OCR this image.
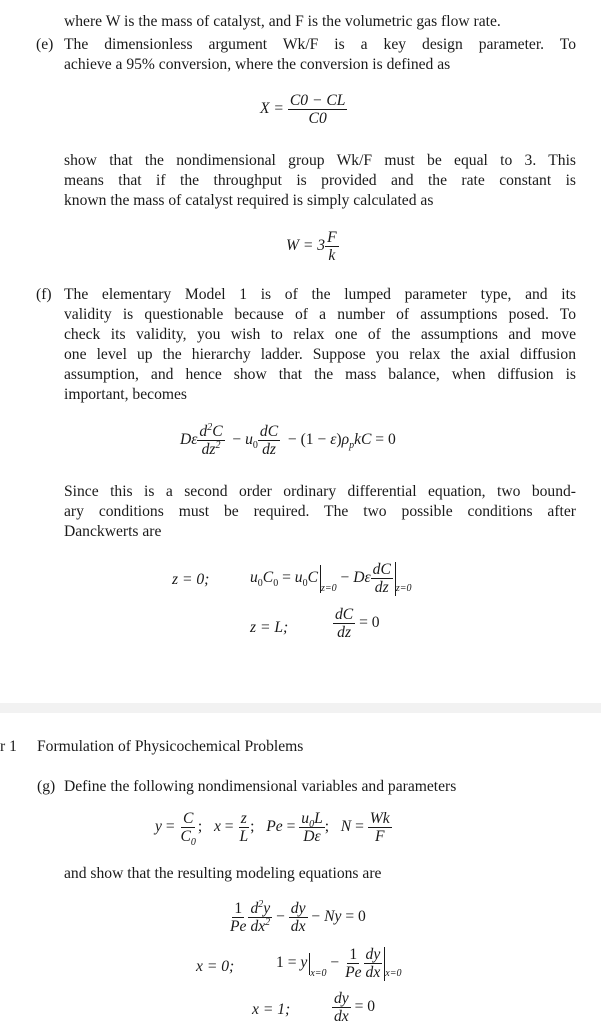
where W is the mass of catalyst, and F is the volumetric gas flow rate.
(e) The dimensionless argument Wk/F is a key design parameter. To
achieve a 95% conversion, where the conversion is defined as
$X = \frac{C0 - CL}{C0}$
show that the nondimensional group Wk/F must be equal to 3. This
means that if the throughput is provided and the rate constant is
known the mass of catalyst required is simply calculated as
$W = 3 \frac{F}{k}$
(f) The elementary Model 1 is of the lumped parameter type, and its
validity is questionable because of a number of assumptions posed. To
check its validity, you wish to relax one of the assumptions and move
one level up the hierarchy ladder. Suppose you relax the axial diffusion
assumption, and hence show that the mass balance, when diffusion is
important, becomes
Dε $\frac{d^2C}{dz^2} - u_0 \frac{dC}{dz} - (1 - \varepsilon)\rho_pkC = 0$
Since this is a second order ordinary differential equation, two bound-
ary conditions must be required. The two possible conditions after
Danckwerts are
z = 0;	$u_0C_0 = u_0C_{z=0} - D\varepsilon \frac{dC}{dz} _{z=0}$
z = L;	$\frac{dC}{dz} = 0$
r 1 Formulation of Physicochemical Problems
(g) Define the following nondimensional variables and parameters
$y = \frac{C}{C_0}$ ;   $x = \frac{z}{L}$ ;   $Pe = \frac{u_0L}{D\varepsilon}$ ;   $N = \frac{Wk}{F}$
and show that the resulting modeling equations are
$\frac{1}{Pe} \frac{d^2y}{dx^2} - \frac{dy}{dx} - Ny = 0$
x = 0;	$1 = y_{x=0} - \frac{1}{Pe} \frac{dy}{dx} _{x=0}$
x = 1;	$\frac{dy}{dx} = 0$
